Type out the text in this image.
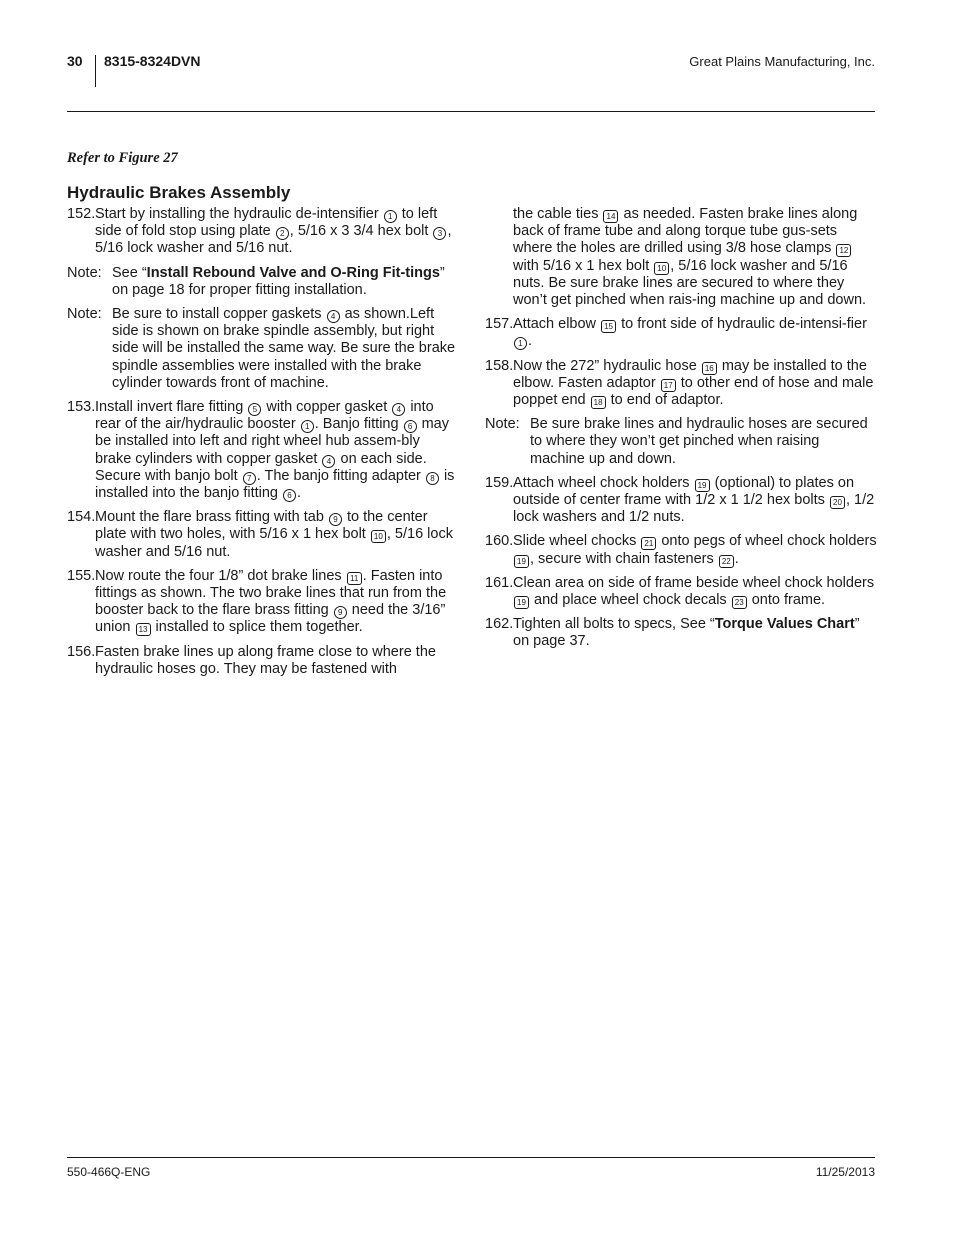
30 8315-8324DVN	Great Plains Manufacturing, Inc.
Refer to Figure 27
Hydraulic Brakes Assembly
152. Start by installing the hydraulic de-intensifier 1 to left side of fold stop using plate 2 , 5/16 x 3 3/4 hex bolt 3 , 5/16 lock washer and 5/16 nut.
Note: See “Install Rebound Valve and O-Ring Fit-tings” on page 18 for proper fitting installation.
Note: Be sure to install copper gaskets 4 as shown.Left side is shown on brake spindle assembly, but right side will be installed the same way. Be sure the brake spindle assemblies were installed with the brake cylinder towards front of machine.
153. Install invert flare fitting 5 with copper gasket 4 into rear of the air/hydraulic booster 1 . Banjo fitting 6 may be installed into left and right wheel hub assem-bly brake cylinders with copper gasket 4 on each side. Secure with banjo bolt 7 . The banjo fitting adapter 8 is installed into the banjo fitting 6 .
154. Mount the flare brass fitting with tab 9 to the center plate with two holes, with 5/16 x 1 hex bolt 10 , 5/16 lock washer and 5/16 nut.
155. Now route the four 1/8” dot brake lines 11 . Fasten into fittings as shown. The two brake lines that run from the booster back to the flare brass fitting 9 need the 3/16” union 13 installed to splice them together.
156. Fasten brake lines up along frame close to where the hydraulic hoses go. They may be fastened with
the cable ties 14 as needed. Fasten brake lines along back of frame tube and along torque tube gus-sets where the holes are drilled using 3/8 hose clamps 12 with 5/16 x 1 hex bolt 10 , 5/16 lock washer and 5/16 nuts. Be sure brake lines are secured to where they won’t get pinched when rais-ing machine up and down.
157. Attach elbow 15 to front side of hydraulic de-intensi-fier 1 .
158. Now the 272” hydraulic hose 16 may be installed to the elbow. Fasten adaptor 17 to other end of hose and male poppet end 18 to end of adaptor.
Note: Be sure brake lines and hydraulic hoses are secured to where they won’t get pinched when raising machine up and down.
159. Attach wheel chock holders 19 (optional) to plates on outside of center frame with 1/2 x 1 1/2 hex bolts 20 , 1/2 lock washers and 1/2 nuts.
160. Slide wheel chocks 21 onto pegs of wheel chock holders 19 , secure with chain fasteners 22 .
161. Clean area on side of frame beside wheel chock holders 19 and place wheel chock decals 23 onto frame.
162. Tighten all bolts to specs, See “Torque Values Chart” on page 37.
550-466Q-ENG	11/25/2013
